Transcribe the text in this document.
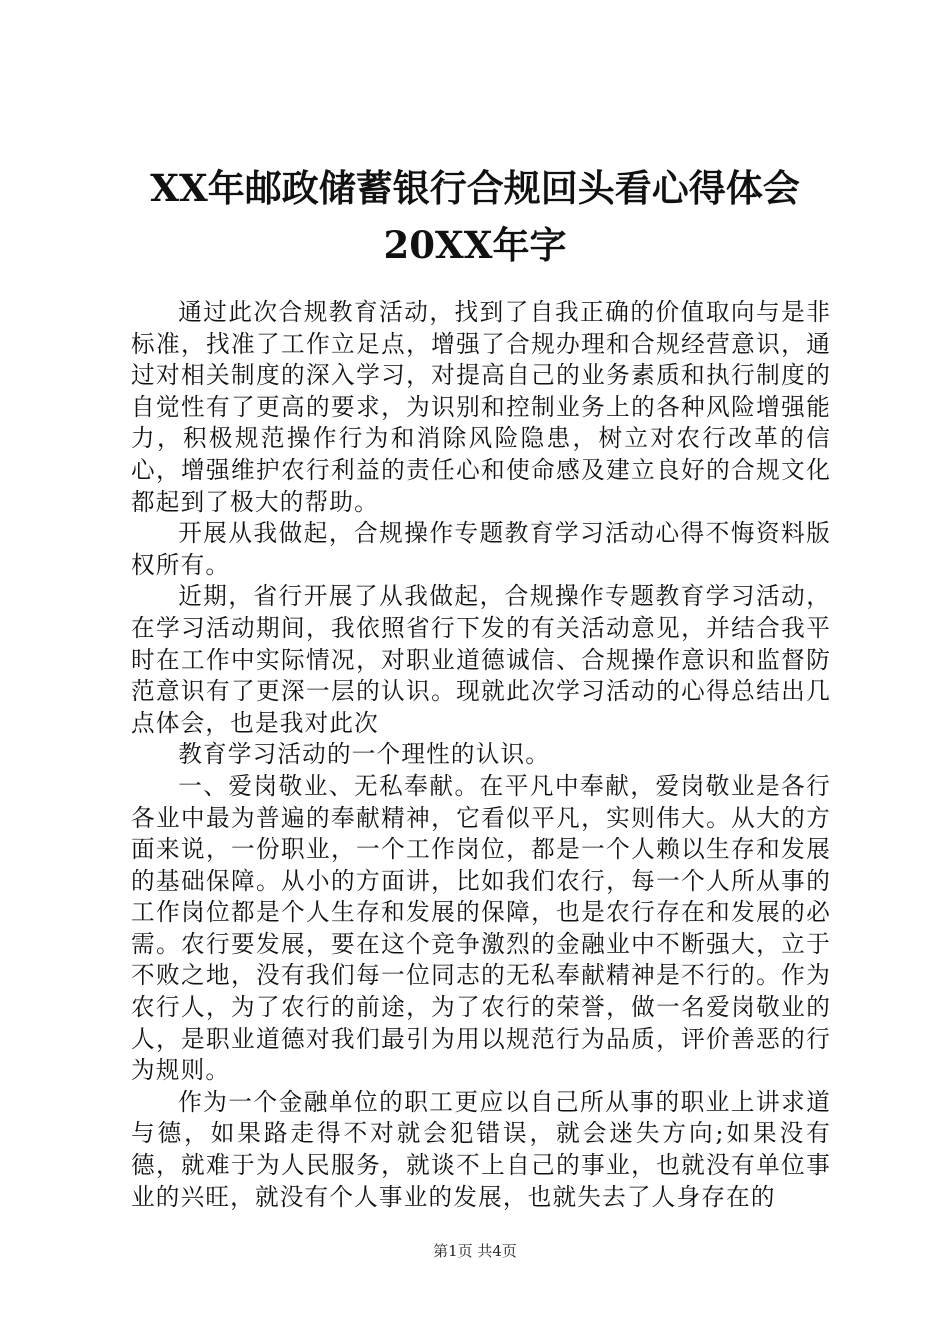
XX年邮政储蓄银行合规回头看心得体会20XX年字

通过此次合规教育活动，找到了自我正确的价值取向与是非标准，找准了工作立足点，增强了合规办理和合规经营意识，通过对相关制度的深入学习，对提高自己的业务素质和执行制度的自觉性有了更高的要求，为识别和控制业务上的各种风险增强能力，积极规范操作行为和消除风险隐患，树立对农行改革的信心，增强维护农行利益的责任心和使命感及建立良好的合规文化都起到了极大的帮助。

开展从我做起，合规操作专题教育学习活动心得不悔资料版权所有。

近期，省行开展了从我做起，合规操作专题教育学习活动，在学习活动期间，我依照省行下发的有关活动意见，并结合我平时在工作中实际情况，对职业道德诚信、合规操作意识和监督防范意识有了更深一层的认识。现就此次学习活动的心得总结出几点体会，也是我对此次

教育学习活动的一个理性的认识。

一、爱岗敬业、无私奉献。在平凡中奉献，爱岗敬业是各行各业中最为普遍的奉献精神，它看似平凡，实则伟大。从大的方面来说，一份职业，一个工作岗位，都是一个人赖以生存和发展的基础保障。从小的方面讲，比如我们农行，每一个人所从事的工作岗位都是个人生存和发展的保障，也是农行存在和发展的必需。农行要发展，要在这个竞争激烈的金融业中不断强大，立于不败之地，没有我们每一位同志的无私奉献精神是不行的。作为农行人，为了农行的前途，为了农行的荣誉，做一名爱岗敬业的人，是职业道德对我们最引为用以规范行为品质，评价善恶的行为规则。

作为一个金融单位的职工更应以自己所从事的职业上讲求道与德，如果路走得不对就会犯错误，就会迷失方向;如果没有德，就难于为人民服务，就谈不上自己的事业，也就没有单位事业的兴旺，就没有个人事业的发展，也就失去了人身存在的

第1页 共4页
